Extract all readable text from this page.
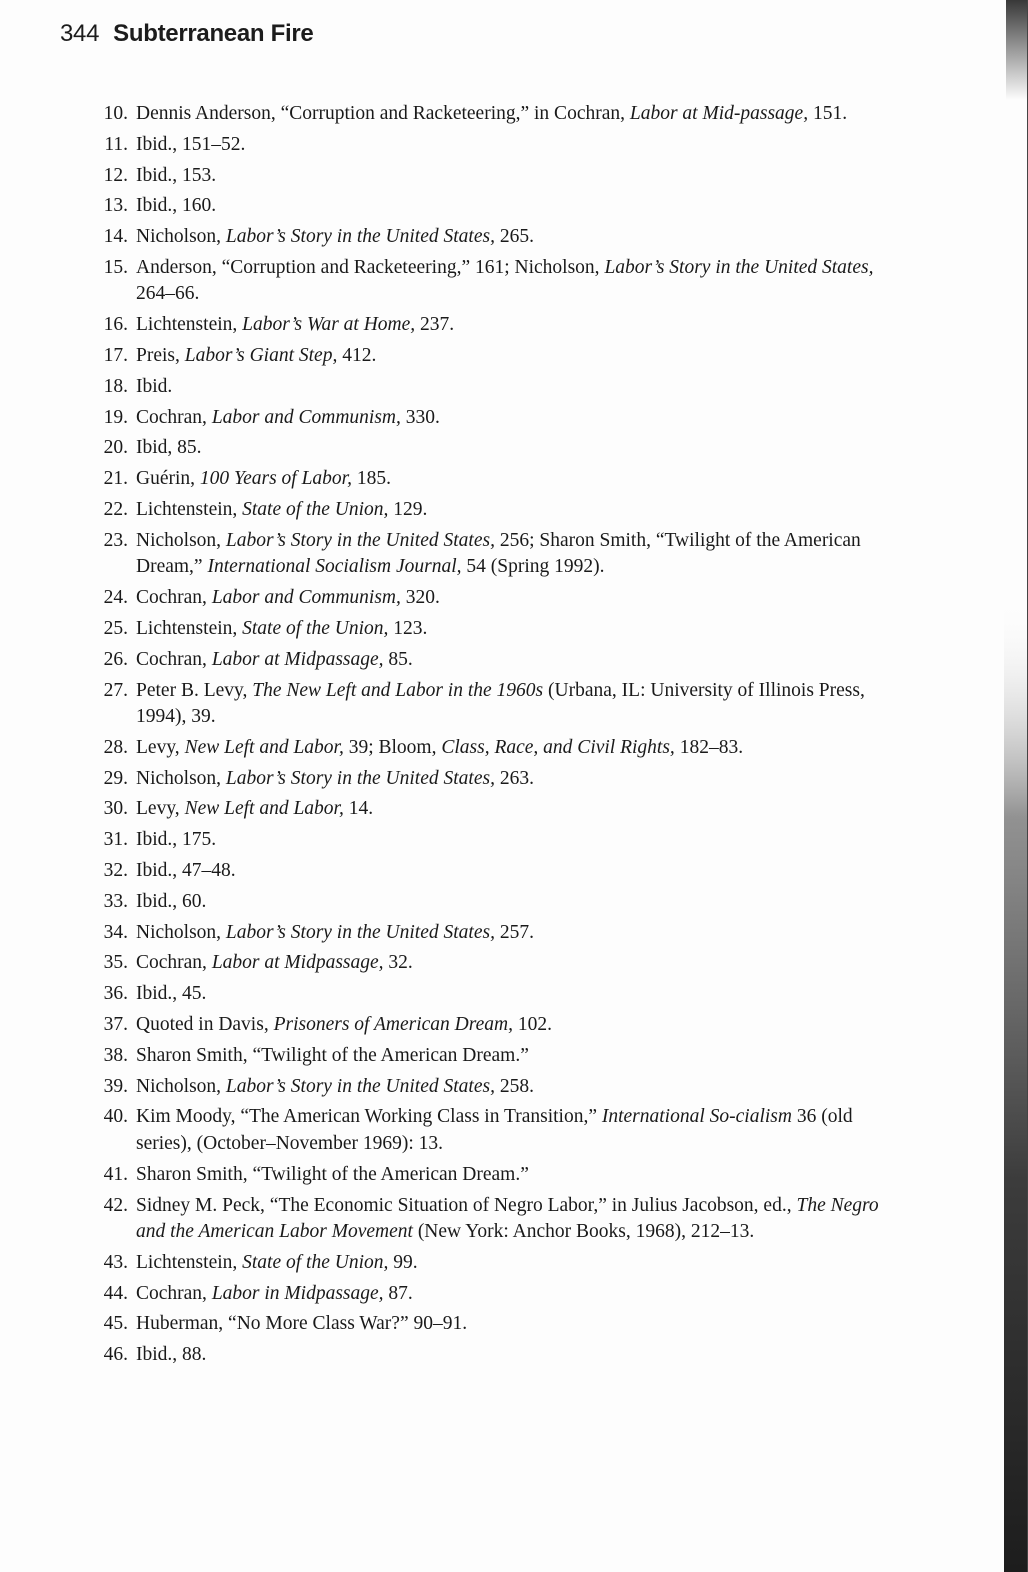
344 Subterranean Fire
10. Dennis Anderson, “Corruption and Racketeering,” in Cochran, Labor at Mid-passage, 151.
11. Ibid., 151–52.
12. Ibid., 153.
13. Ibid., 160.
14. Nicholson, Labor’s Story in the United States, 265.
15. Anderson, “Corruption and Racketeering,” 161; Nicholson, Labor’s Story in the United States, 264–66.
16. Lichtenstein, Labor’s War at Home, 237.
17. Preis, Labor’s Giant Step, 412.
18. Ibid.
19. Cochran, Labor and Communism, 330.
20. Ibid, 85.
21. Guérin, 100 Years of Labor, 185.
22. Lichtenstein, State of the Union, 129.
23. Nicholson, Labor’s Story in the United States, 256; Sharon Smith, “Twilight of the American Dream,” International Socialism Journal, 54 (Spring 1992).
24. Cochran, Labor and Communism, 320.
25. Lichtenstein, State of the Union, 123.
26. Cochran, Labor at Midpassage, 85.
27. Peter B. Levy, The New Left and Labor in the 1960s (Urbana, IL: University of Illinois Press, 1994), 39.
28. Levy, New Left and Labor, 39; Bloom, Class, Race, and Civil Rights, 182–83.
29. Nicholson, Labor’s Story in the United States, 263.
30. Levy, New Left and Labor, 14.
31. Ibid., 175.
32. Ibid., 47–48.
33. Ibid., 60.
34. Nicholson, Labor’s Story in the United States, 257.
35. Cochran, Labor at Midpassage, 32.
36. Ibid., 45.
37. Quoted in Davis, Prisoners of American Dream, 102.
38. Sharon Smith, “Twilight of the American Dream.”
39. Nicholson, Labor’s Story in the United States, 258.
40. Kim Moody, “The American Working Class in Transition,” International So-cialism 36 (old series), (October–November 1969): 13.
41. Sharon Smith, “Twilight of the American Dream.”
42. Sidney M. Peck, “The Economic Situation of Negro Labor,” in Julius Jacobson, ed., The Negro and the American Labor Movement (New York: Anchor Books, 1968), 212–13.
43. Lichtenstein, State of the Union, 99.
44. Cochran, Labor in Midpassage, 87.
45. Huberman, “No More Class War?” 90–91.
46. Ibid., 88.
